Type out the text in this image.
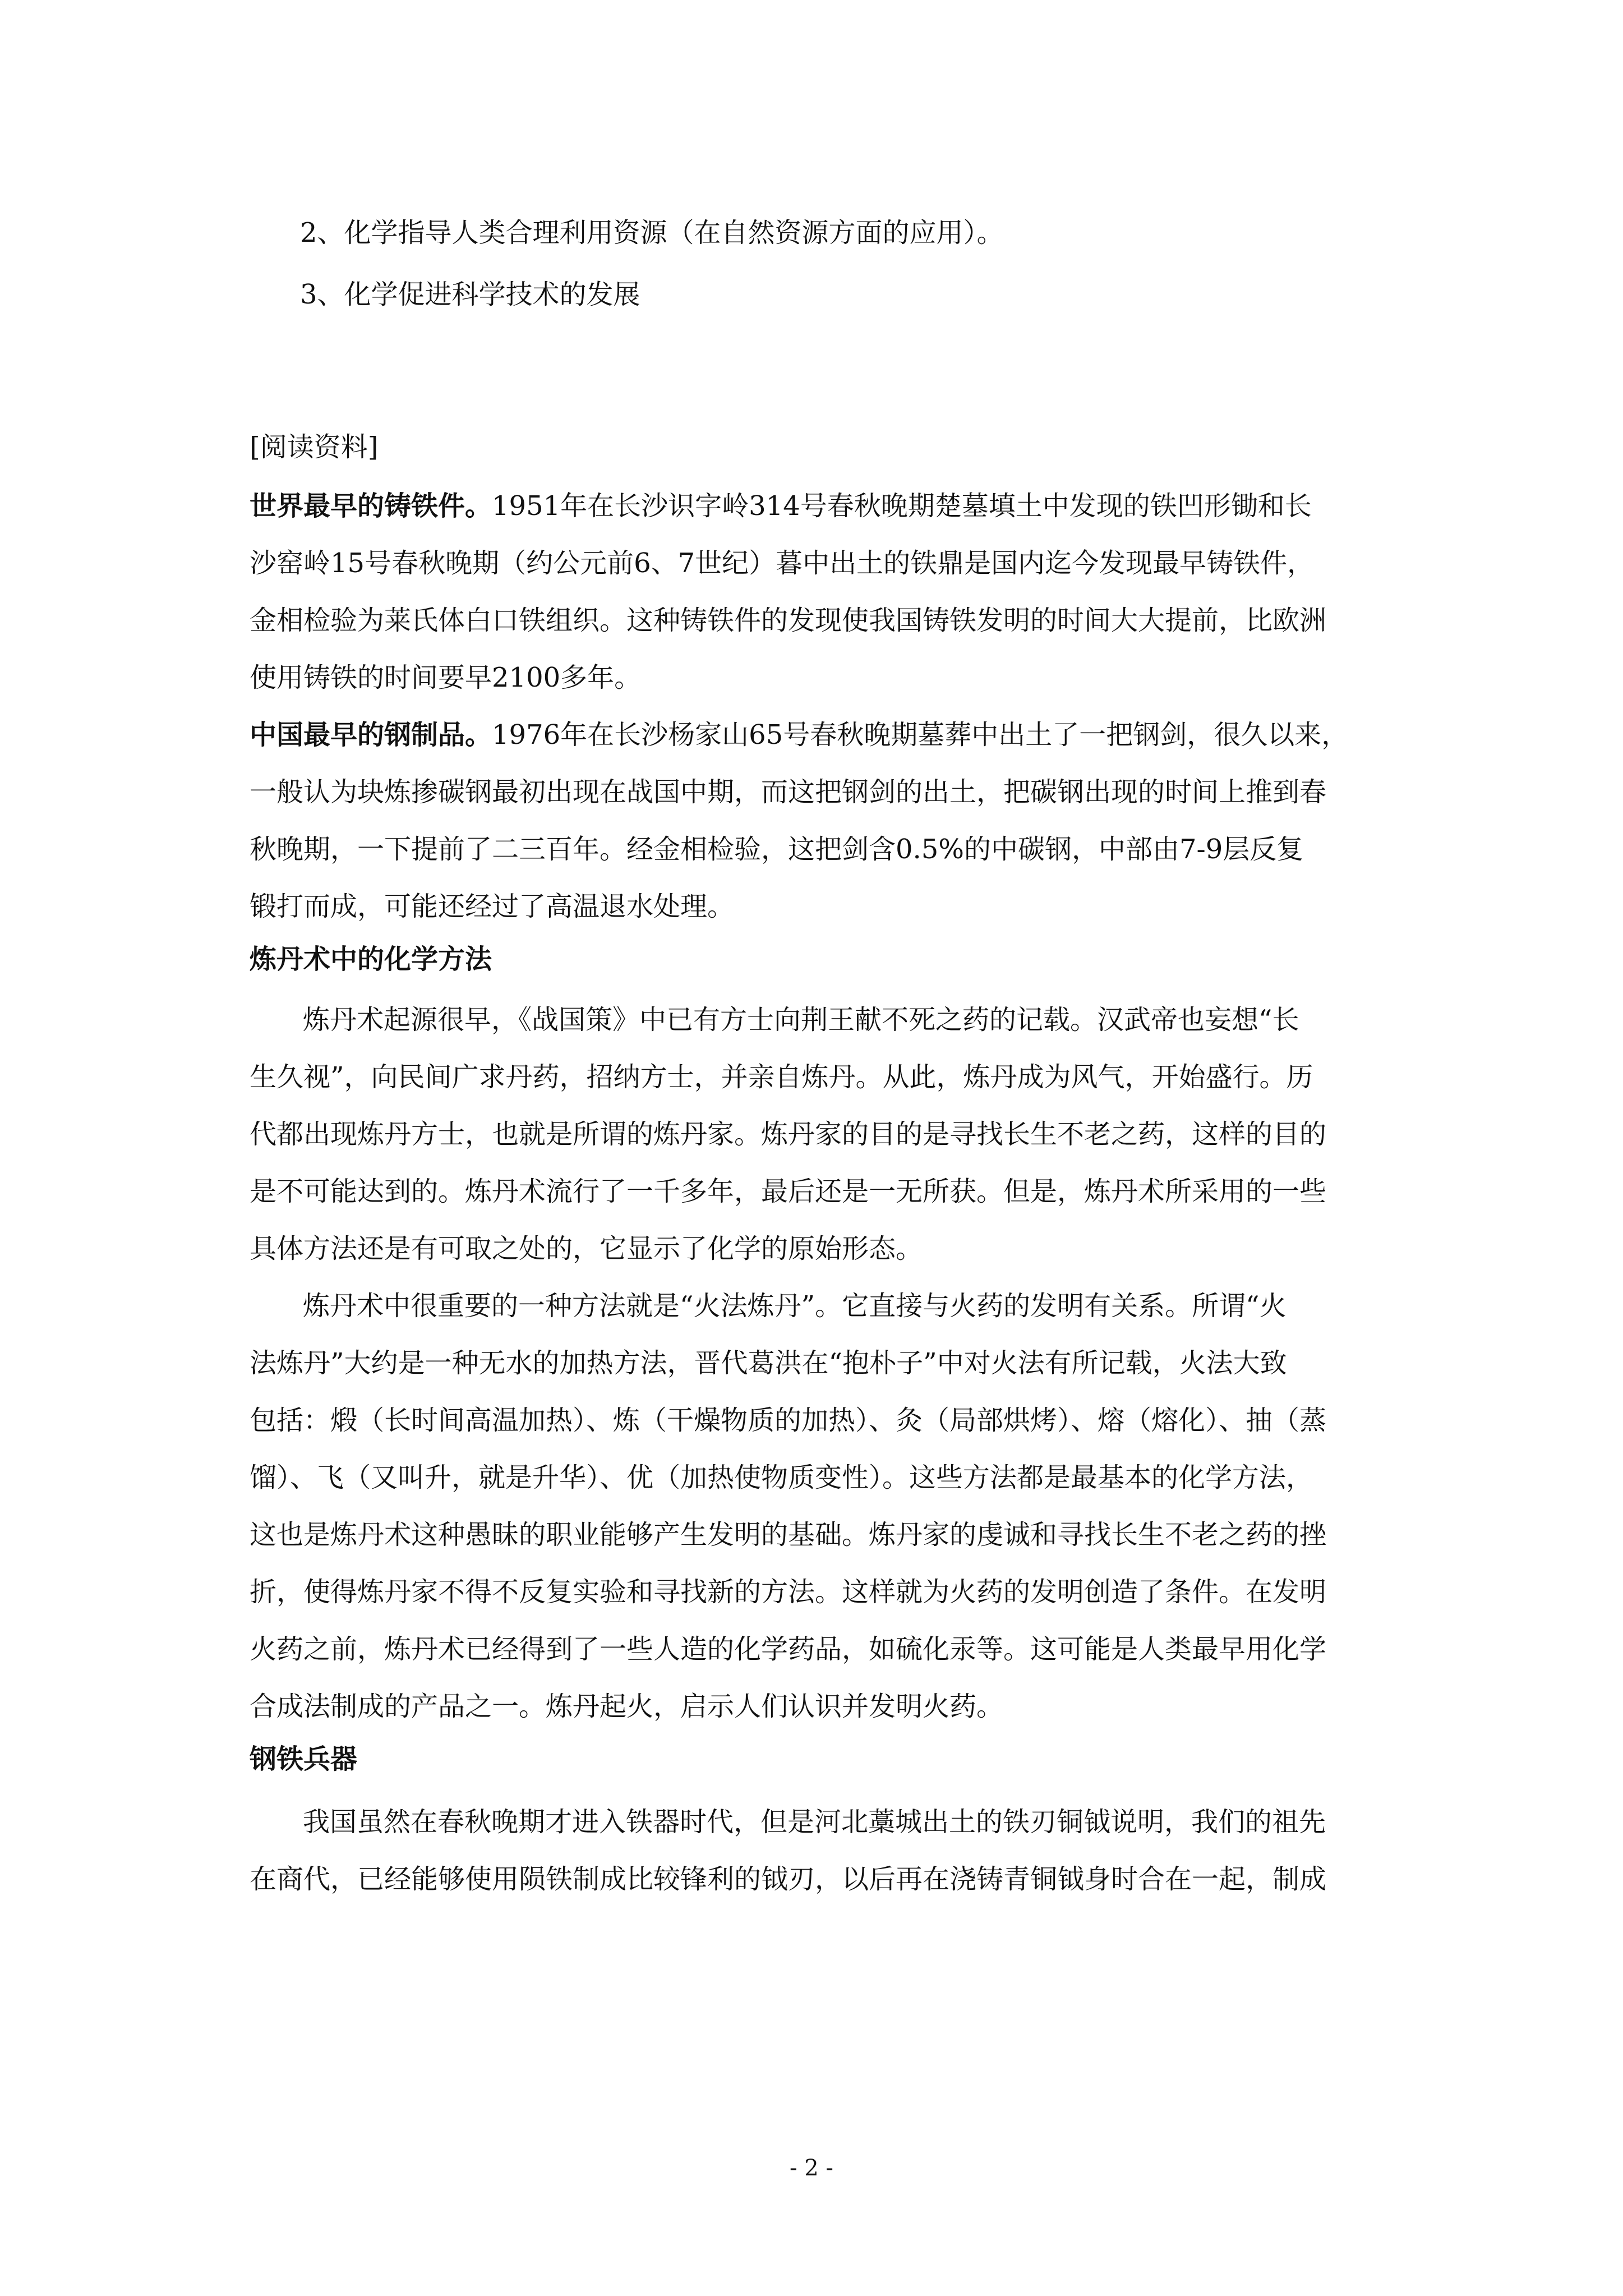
2、化学指导人类合理利用资源（在自然资源方面的应用）。
3、化学促进科学技术的发展
[阅读资料]
世界最早的铸铁件。1951年在长沙识字岭314号春秋晚期楚墓填土中发现的铁凹形锄和长
沙窑岭15号春秋晚期（约公元前6、7世纪）暮中出土的铁鼎是国内迄今发现最早铸铁件，
金相检验为莱氏体白口铁组织。这种铸铁件的发现使我国铸铁发明的时间大大提前，比欧洲
使用铸铁的时间要早2100多年。
中国最早的钢制品。1976年在长沙杨家山65号春秋晚期墓葬中出土了一把钢剑，很久以来，
一般认为块炼掺碳钢最初出现在战国中期，而这把钢剑的出土，把碳钢出现的时间上推到春
秋晚期，一下提前了二三百年。经金相检验，这把剑含0.5%的中碳钢，中部由7-9层反复
锻打而成，可能还经过了高温退水处理。
炼丹术中的化学方法
炼丹术起源很早，《战国策》中已有方士向荆王献不死之药的记载。汉武帝也妄想“长
生久视”，向民间广求丹药，招纳方士，并亲自炼丹。从此，炼丹成为风气，开始盛行。历
代都出现炼丹方士，也就是所谓的炼丹家。炼丹家的目的是寻找长生不老之药，这样的目的
是不可能达到的。炼丹术流行了一千多年，最后还是一无所获。但是，炼丹术所采用的一些
具体方法还是有可取之处的，它显示了化学的原始形态。
炼丹术中很重要的一种方法就是“火法炼丹”。它直接与火药的发明有关系。所谓“火
法炼丹”大约是一种无水的加热方法，晋代葛洪在“抱朴子”中对火法有所记载，火法大致
包括：煅（长时间高温加热）、炼（干燥物质的加热）、灸（局部烘烤）、熔（熔化）、抽（蒸
馏）、飞（又叫升，就是升华）、优（加热使物质变性）。这些方法都是最基本的化学方法，
这也是炼丹术这种愚昧的职业能够产生发明的基础。炼丹家的虔诚和寻找长生不老之药的挫
折，使得炼丹家不得不反复实验和寻找新的方法。这样就为火药的发明创造了条件。在发明
火药之前，炼丹术已经得到了一些人造的化学药品，如硫化汞等。这可能是人类最早用化学
合成法制成的产品之一。炼丹起火，启示人们认识并发明火药。
钢铁兵器
我国虽然在春秋晚期才进入铁器时代，但是河北藁城出土的铁刃铜钺说明，我们的祖先
在商代，已经能够使用陨铁制成比较锋利的钺刃，以后再在浇铸青铜钺身时合在一起，制成
- 2 -
